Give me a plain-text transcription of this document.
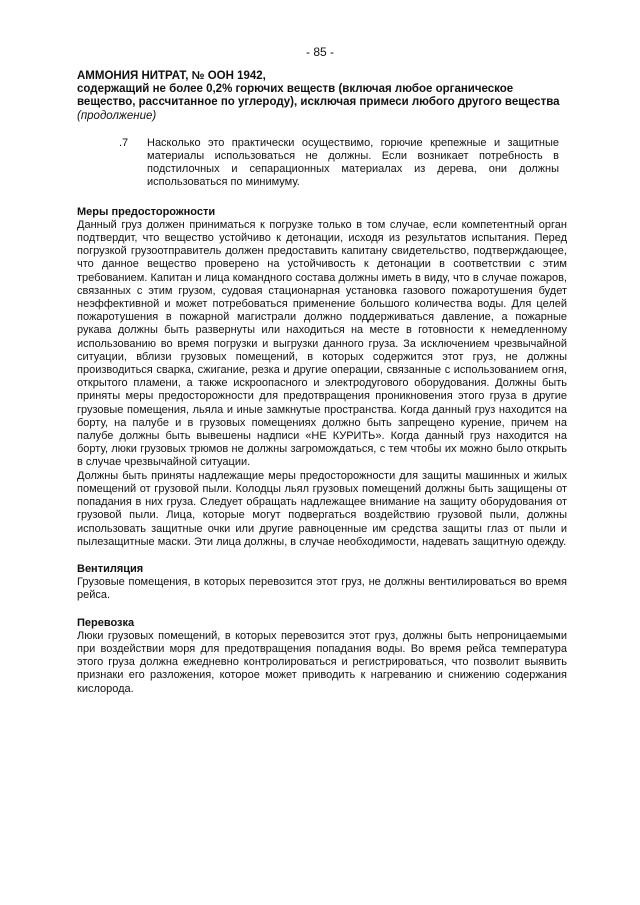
- 85 -

АММОНИЯ НИТРАТ, № ООН 1942,

содержащий не более 0,2% горючих веществ (включая любое органическое вещество, рассчитанное по углероду), исключая примеси любого другого вещества (продолжение)

.7	Насколько это практически осуществимо, горючие крепежные и защитные материалы использоваться не должны. Если возникает потребность в подстилочных и сепарационных материалах из дерева, они должны использоваться по минимуму.

Меры предосторожности

Данный груз должен приниматься к погрузке только в том случае, если компетентный орган подтвердит, что вещество устойчиво к детонации, исходя из результатов испытания. Перед погрузкой грузоотправитель должен предоставить капитану свидетельство, подтверждающее, что данное вещество проверено на устойчивость к детонации в соответствии с этим требованием. Капитан и лица командного состава должны иметь в виду, что в случае пожаров, связанных с этим грузом, судовая стационарная установка газового пожаротушения будет неэффективной и может потребоваться применение большого количества воды. Для целей пожаротушения в пожарной магистрали должно поддерживаться давление, а пожарные рукава должны быть развернуты или находиться на месте в готовности к немедленному использованию во время погрузки и выгрузки данного груза. За исключением чрезвычайной ситуации, вблизи грузовых помещений, в которых содержится этот груз, не должны производиться сварка, сжигание, резка и другие операции, связанные с использованием огня, открытого пламени, а также искроопасного и электродугового оборудования. Должны быть приняты меры предосторожности для предотвращения проникновения этого груза в другие грузовые помещения, льяла и иные замкнутые пространства. Когда данный груз находится на борту, на палубе и в грузовых помещениях должно быть запрещено курение, причем на палубе должны быть вывешены надписи «НЕ КУРИТЬ». Когда данный груз находится на борту, люки грузовых трюмов не должны загромождаться, с тем чтобы их можно было открыть в случае чрезвычайной ситуации.

Должны быть приняты надлежащие меры предосторожности для защиты машинных и жилых помещений от грузовой пыли. Колодцы льял грузовых помещений должны быть защищены от попадания в них груза. Следует обращать надлежащее внимание на защиту оборудования от грузовой пыли. Лица, которые могут подвергаться воздействию грузовой пыли, должны использовать защитные очки или другие равноценные им средства защиты глаз от пыли и пылезащитные маски. Эти лица должны, в случае необходимости, надевать защитную одежду.

Вентиляция

Грузовые помещения, в которых перевозится этот груз, не должны вентилироваться во время рейса.

Перевозка

Люки грузовых помещений, в которых перевозится этот груз, должны быть непроницаемыми при воздействии моря для предотвращения попадания воды. Во время рейса температура этого груза должна ежедневно контролироваться и регистрироваться, что позволит выявить признаки его разложения, которое может приводить к нагреванию и снижению содержания кислорода.
